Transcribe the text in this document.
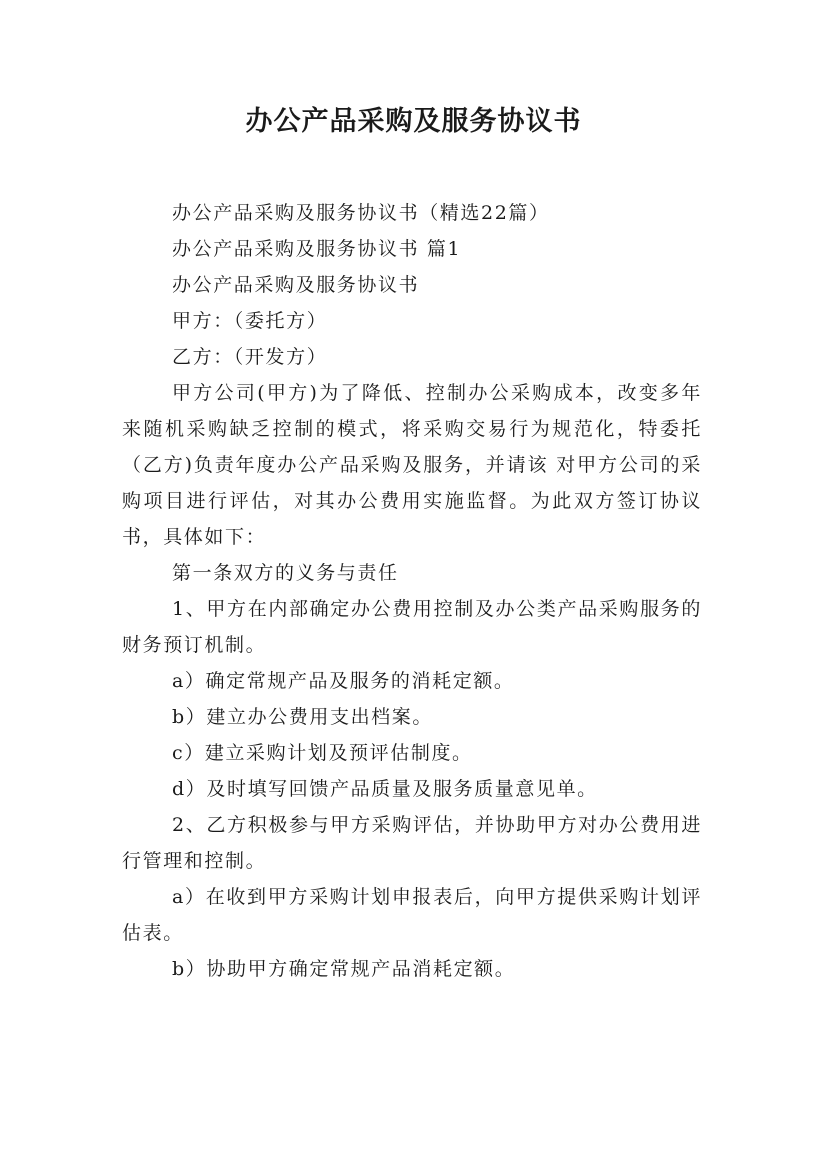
办公产品采购及服务协议书

办公产品采购及服务协议书（精选22篇）

办公产品采购及服务协议书 篇1

办公产品采购及服务协议书

甲方：（委托方）

乙方：（开发方）

甲方公司(甲方)为了降低、控制办公采购成本，改变多年来随机采购缺乏控制的模式，将采购交易行为规范化，特委托（乙方)负责年度办公产品采购及服务，并请该 对甲方公司的采购项目进行评估，对其办公费用实施监督。为此双方签订协议书，具体如下：

第一条双方的义务与责任

1、甲方在内部确定办公费用控制及办公类产品采购服务的财务预订机制。

a）确定常规产品及服务的消耗定额。

b）建立办公费用支出档案。

c）建立采购计划及预评估制度。

d）及时填写回馈产品质量及服务质量意见单。

2、乙方积极参与甲方采购评估，并协助甲方对办公费用进行管理和控制。

a）在收到甲方采购计划申报表后，向甲方提供采购计划评估表。

b）协助甲方确定常规产品消耗定额。
